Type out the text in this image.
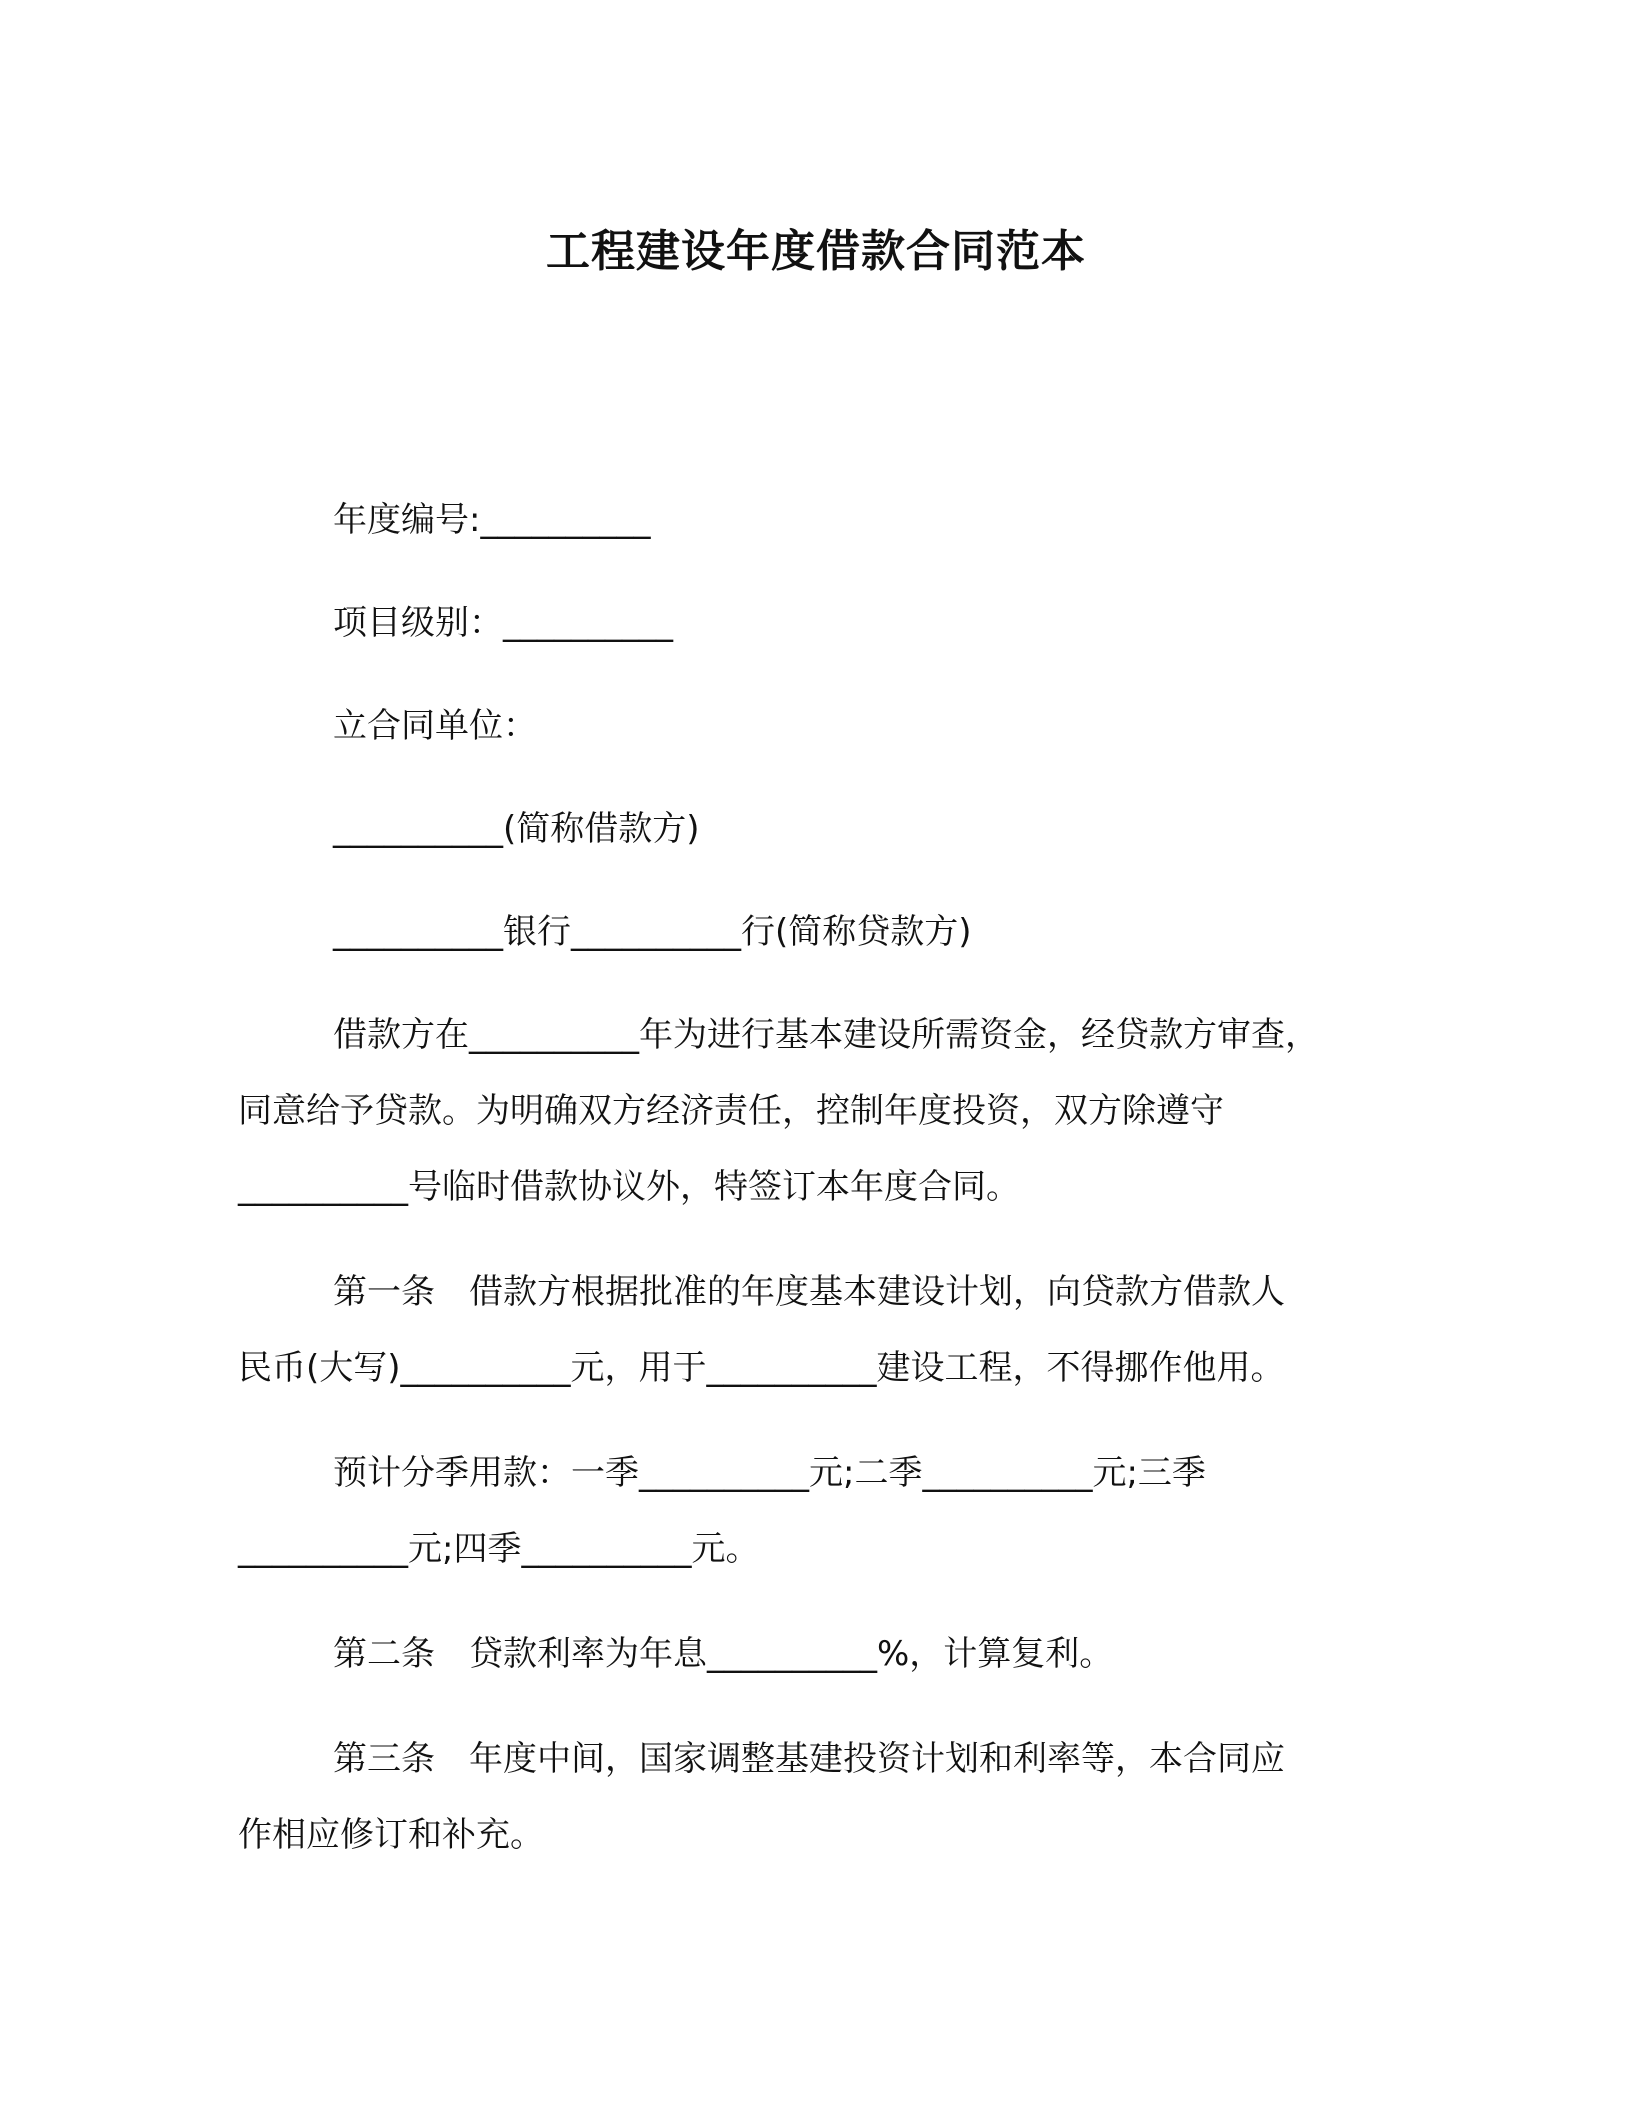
工程建设年度借款合同范本
年度编号:__________
项目级别：__________
立合同单位：
__________(简称借款方)
__________银行__________行(简称贷款方)
借款方在__________年为进行基本建设所需资金，经贷款方审查，
同意给予贷款。为明确双方经济责任，控制年度投资，双方除遵守
__________号临时借款协议外，特签订本年度合同。
第一条　借款方根据批准的年度基本建设计划，向贷款方借款人
民币(大写)__________元，用于__________建设工程，不得挪作他用。
预计分季用款：一季__________元;二季__________元;三季
__________元;四季__________元。
第二条　贷款利率为年息__________%，计算复利。
第三条　年度中间，国家调整基建投资计划和利率等，本合同应
作相应修订和补充。
